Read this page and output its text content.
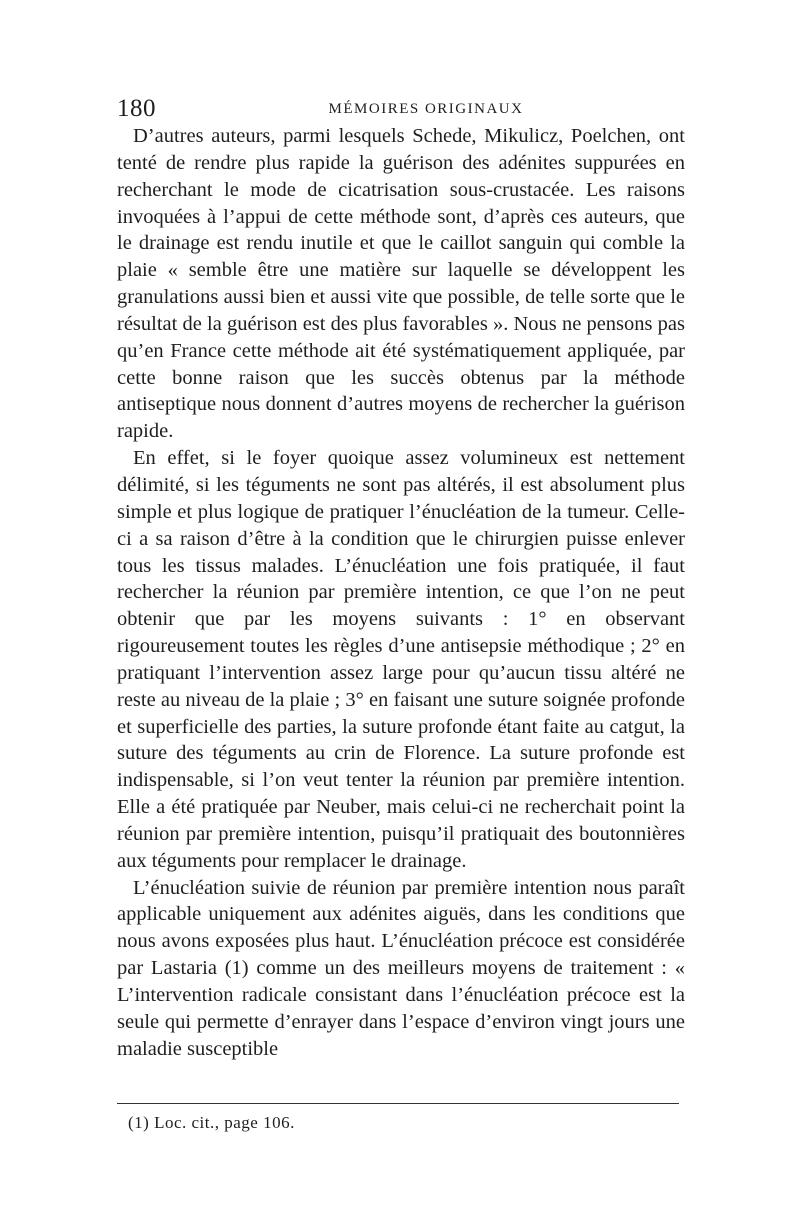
180	MÉMOIRES ORIGINAUX

D’autres auteurs, parmi lesquels Schede, Mikulicz, Poelchen, ont tenté de rendre plus rapide la guérison des adénites suppurées en recherchant le mode de cicatrisation sous-crustacée. Les raisons invoquées à l’appui de cette méthode sont, d’après ces auteurs, que le drainage est rendu inutile et que le caillot sanguin qui comble la plaie « semble être une matière sur laquelle se développent les granulations aussi bien et aussi vite que possible, de telle sorte que le résultat de la guérison est des plus favorables ». Nous ne pensons pas qu’en France cette méthode ait été systématiquement appliquée, par cette bonne raison que les succès obtenus par la méthode antiseptique nous donnent d’autres moyens de rechercher la guérison rapide.

En effet, si le foyer quoique assez volumineux est nettement délimité, si les téguments ne sont pas altérés, il est absolument plus simple et plus logique de pratiquer l’énucléation de la tumeur. Celle-ci a sa raison d’être à la condition que le chirurgien puisse enlever tous les tissus malades. L’énucléation une fois pratiquée, il faut rechercher la réunion par première intention, ce que l’on ne peut obtenir que par les moyens suivants : 1° en observant rigoureusement toutes les règles d’une antisepsie méthodique ; 2° en pratiquant l’intervention assez large pour qu’aucun tissu altéré ne reste au niveau de la plaie ; 3° en faisant une suture soignée profonde et superficielle des parties, la suture profonde étant faite au catgut, la suture des téguments au crin de Florence. La suture profonde est indispensable, si l’on veut tenter la réunion par première intention. Elle a été pratiquée par Neuber, mais celui-ci ne recherchait point la réunion par première intention, puisqu’il pratiquait des boutonnières aux téguments pour remplacer le drainage.

L’énucléation suivie de réunion par première intention nous paraît applicable uniquement aux adénites aiguës, dans les conditions que nous avons exposées plus haut. L’énucléation précoce est considérée par Lastaria (1) comme un des meilleurs moyens de traitement : « L’intervention radicale consistant dans l’énucléation précoce est la seule qui permette d’enrayer dans l’espace d’environ vingt jours une maladie susceptible

(1) Loc. cit., page 106.
